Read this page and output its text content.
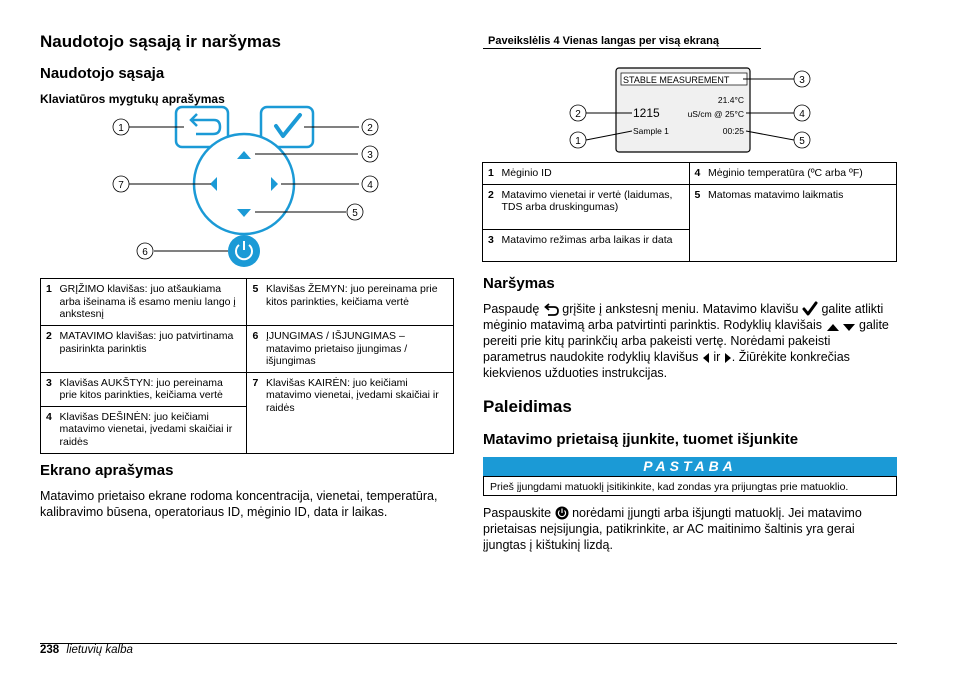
Naudotojo sąsają ir naršymas
Naudotojo sąsaja
Klaviatūros mygtukų aprašymas
1	2
3
4
5
6
7
1	GRĮŽIMO klavišas: juo atšaukiama arba išeinama iš esamo meniu lango į ankstesnį	5	Klavišas ŽEMYN: juo pereinama prie kitos parinkties, keičiama vertė
2	MATAVIMO klavišas: juo patvirtinama pasirinkta parinktis	6	ĮJUNGIMAS / IŠJUNGIMAS – matavimo prietaiso įjungimas / išjungimas
3	Klavišas AUKŠTYN: juo pereinama prie kitos parinkties, keičiama vertė	7	Klavišas KAIRĖN: juo keičiami matavimo vienetai, įvedami skaičiai ir raidės
4	Klavišas DEŠINĖN: juo keičiami matavimo vienetai, įvedami skaičiai ir raidės		
Ekrano aprašymas
Matavimo prietaiso ekrane rodoma koncentracija, vienetai, temperatūra, kalibravimo būsena, operatoriaus ID, mėginio ID, data ir laikas.
Paveikslėlis 4 Vienas langas per visą ekraną
STABLE MEASUREMENT
21.4°C
1215	uS/cm @ 25°C
Sample 1	00:25
1
2
3
4
5
1	Mėginio ID	4	Mėginio temperatūra (ºC arba ºF)
2	Matavimo vienetai ir vertė (laidumas, TDS arba druskingumas)	5	Matomas matavimo laikmatis
3	Matavimo režimas arba laikas ir data		
Naršymas
Paspaudę grįšite į ankstesnį meniu. Matavimo klavišu galite atlikti mėginio matavimą arba patvirtinti parinktis. Rodyklių klavišais	galite pereiti prie kitų parinkčių arba pakeisti vertę. Norėdami pakeisti parametrus naudokite rodyklių klavišus ir . Žiūrėkite konkrečias kiekvienos užduoties instrukcijas.
Paleidimas
Matavimo prietaisą įjunkite, tuomet išjunkite
PASTABA
Prieš įjungdami matuoklį įsitikinkite, kad zondas yra prijungtas prie matuoklio.
Paspauskite norėdami įjungti arba išjungti matuoklį. Jei matavimo prietaisas neįsijungia, patikrinkite, ar AC maitinimo šaltinis yra gerai įjungtas į kištukinį lizdą.
238 lietuvių kalba
